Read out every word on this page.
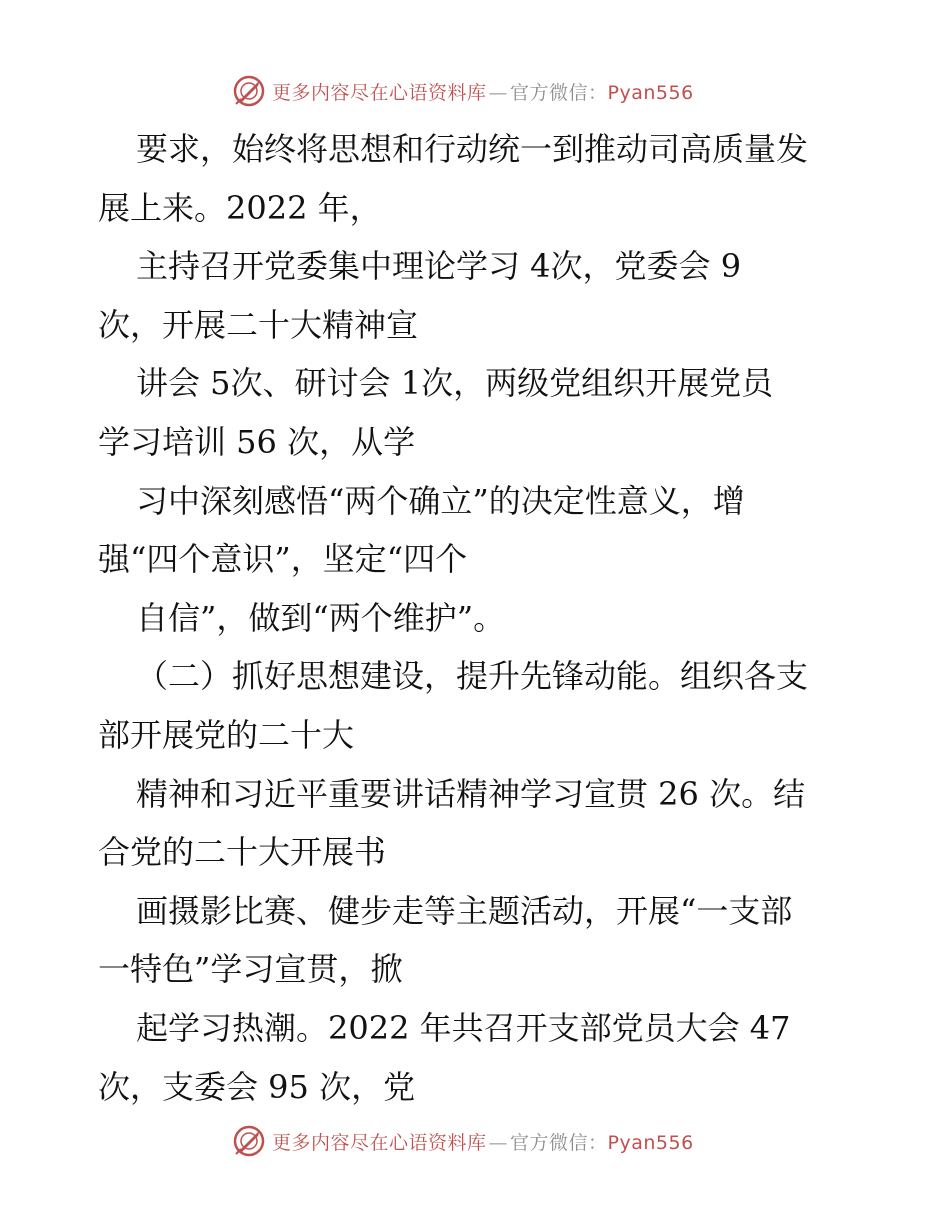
更多内容尽在心语资料库 — 官方微信：Pyan556
要求，始终将思想和行动统一到推动司高质量发
展上来。2022 年，
主持召开党委集中理论学习 4次，党委会 9
次，开展二十大精神宣
讲会 5次、研讨会 1次，两级党组织开展党员
学习培训 56 次，从学
习中深刻感悟“两个确立”的决定性意义，增
强“四个意识”，坚定“四个
自信”，做到“两个维护”。
（二）抓好思想建设，提升先锋动能。组织各支
部开展党的二十大
精神和习近平重要讲话精神学习宣贯 26 次。结
合党的二十大开展书
画摄影比赛、健步走等主题活动，开展“一支部
一特色”学习宣贯，掀
起学习热潮。2022 年共召开支部党员大会 47
次，支委会 95 次，党
更多内容尽在心语资料库 — 官方微信：Pyan556
